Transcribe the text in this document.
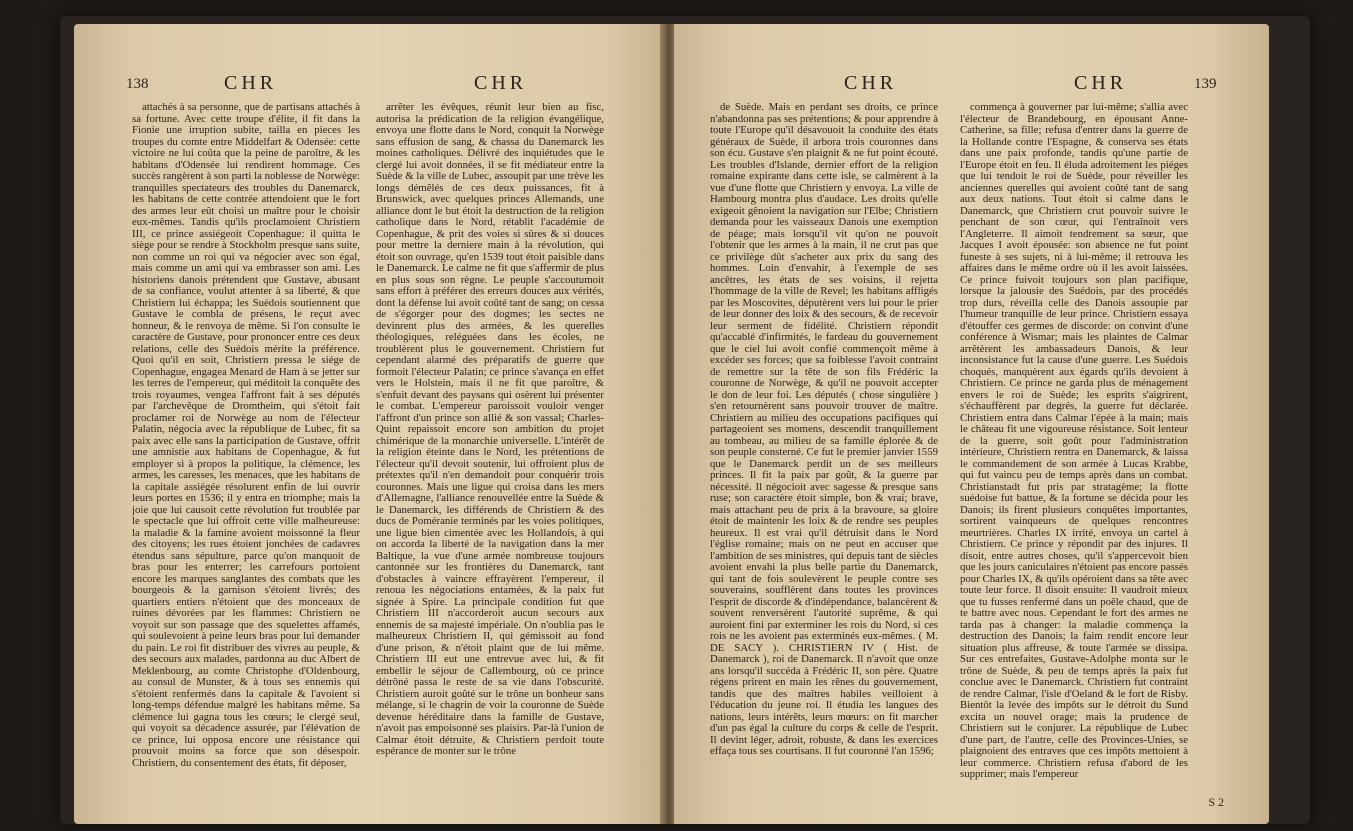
138	CHR	CHR

attachés à sa personne, que de partisans attachés à sa fortune. Avec cette troupe d'élite, il fit dans la Fionie une irruption subite, tailla en pieces les troupes du comte entre Middelfart & Odensée: cette victoire ne lui coûta que la peine de paroître, & les habitans d'Odensée lui rendirent hommage. Ces succès rangèrent à son parti la noblesse de Norwège: tranquilles spectateurs des troubles du Danemarck, les habitans de cette contrée attendoient que le fort des armes leur eût choisi un maître pour le choisir eux-mêmes. Tandis qu'ils proclamoient Christiern III, ce prince assiégeoit Copenhague: il quitta le siège pour se rendre à Stockholm presque sans suite, non comme un roi qui va négocier avec son égal, mais comme un ami qui va embrasser son ami. Les historiens danois prétendent que Gustave, abusant de sa confiance, voulut attenter à sa liberté, & que Christiern lui échappa; les Suédois soutiennent que Gustave le combla de présens, le reçut avec honneur, & le renvoya de même. Si l'on consulte le caractère de Gustave, pour prononcer entre ces deux relations, celle des Suédois mérite la préférence. Quoi qu'il en soit, Christiern pressa le siége de Copenhague, engagea Menard de Ham à se jetter sur les terres de l'empereur, qui méditoit la conquête des trois royaumes, vengea l'affront fait à ses députés par l'archevêque de Dromtheim, qui s'étoit fait proclamer roi de Norwège au nom de l'électeur Palatin, négocia avec la république de Lubec, fit sa paix avec elle sans la participation de Gustave, offrit une amnistie aux habitans de Copenhague, & fut employer si à propos la politique, la clémence, les armes, les caresses, les menaces, que les habitans de la capitale assiégée résolurent enfin de lui ouvrir leurs portes en 1536; il y entra en triomphe; mais la joie que lui causoit cette révolution fut troublée par le spectacle que lui offroit cette ville malheureuse: la maladie & la famine avoient moissonné la fleur des citoyens; les rues étoient jonchées de cadavres étendus sans sépulture, parce qu'on manquoit de bras pour les enterrer; les carrefours portoient encore les marques sanglantes des combats que les bourgeois & la garnison s'étoient livrés; des quartiers entiers n'étoient que des monceaux de ruines dévorées par les flammes: Christiern ne voyoit sur son passage que des squelettes affamés, qui soulevoient à peine leurs bras pour lui demander du pain. Le roi fit distribuer des vivres au peuple, & des secours aux malades, pardonna au duc Albert de Meklenbourg, au comte Christophe d'Oldenbourg, au consul de Munster, & à tous ses ennemis qui s'étoient renfermés dans la capitale & l'avoient si long-temps défendue malgré les habitans même. Sa clémence lui gagna tous les cœurs; le clergé seul, qui voyoit sa décadence assurée, par l'élévation de ce prince, lui opposa encore une résistance qui prouvoit moins sa force que son désespoir. Christiern, du consentement des états, fit déposer,

arrêter les évêques, réunit leur bien au fisc, autorisa la prédication de la religion évangélique, envoya une flotte dans le Nord, conquit la Norwège sans effusion de sang, & chassa du Danemarck les moines catholiques. Délivré des inquiétudes que le clergé lui avoit données, il se fit médiateur entre la Suède & la ville de Lubec, assoupit par une trève les longs démêlés de ces deux puissances, fit à Brunswick, avec quelques princes Allemands, une alliance dont le but étoit la destruction de la religion catholique dans le Nord, rétablit l'académie de Copenhague, & prit des voies si sûres & si douces pour mettre la derniere main à la révolution, qui étoit son ouvrage, qu'en 1539 tout étoit paisible dans le Danemarck. Le calme ne fit que s'affermir de plus en plus sous son règne. Le peuple s'accoutumoit sans effort à préférer des erreurs douces aux vérités, dont la défense lui avoit coûté tant de sang; on cessa de s'égorger pour des dogmes; les sectes ne devinrent plus des armées, & les querelles théologiques, reléguées dans les écoles, ne troublèrent plus le gouvernement. Christiern fut cependant alarmé des préparatifs de guerre que formoit l'électeur Palatin; ce prince s'avança en effet vers le Holstein, mais il ne fit que paroître, & s'enfuit devant des paysans qui osèrent lui présenter le combat. L'empereur paroissoit vouloir venger l'affront d'un prince son allié & son vassal; Charles-Quint repaissoit encore son ambition du projet chimérique de la monarchie universelle. L'intérêt de la religion éteinte dans le Nord, les prétentions de l'électeur qu'il devoit soutenir, lui offroient plus de prétextes qu'il n'en demandoit pour conquérir trois couronnes. Mais une ligue qui croisa dans les mers d'Allemagne, l'alliance renouvellée entre la Suède & le Danemarck, les différends de Christiern & des ducs de Poméranie terminés par les voies politiques, une ligue bien cimentée avec les Hollandois, à qui on accorda la liberté de la navigation dans la mer Baltique, la vue d'une armée nombreuse toujours cantonnée sur les frontières du Danemarck, tant d'obstacles à vaincre effrayèrent l'empereur, il renoua les négociations entamées, & la paix fut signée à Spire. La principale condition fut que Christiern III n'accorderoit aucun secours aux ennemis de sa majesté impériale. On n'oublia pas le malheureux Christiern II, qui gémissoit au fond d'une prison, & n'étoit plaint que de lui même. Christiern III eut une entrevue avec lui, & fit embellir le séjour de Callembourg, où ce prince détrôné passa le reste de sa vie dans l'obscurité. Christiern auroit goûté sur le trône un bonheur sans mélange, si le chagrin de voir la couronne de Suède devenue héréditaire dans la famille de Gustave, n'avoit pas empoisonné ses plaisirs. Par-là l'union de Calmar étoit détruite, & Christiern perdoit toute espérance de monter sur le trône

CHR	CHR	139

de Suède. Mais en perdant ses droits, ce prince n'abandonna pas ses prétentions; & pour apprendre à toute l'Europe qu'il désavouoit la conduite des états généraux de Suède, il arbora trois couronnes dans son écu. Gustave s'en plaignit & ne fut point écouté. Les troubles d'Islande, dernier effort de la religion romaine expirante dans cette isle, se calmèrent à la vue d'une flotte que Christiern y envoya. La ville de Hambourg montra plus d'audace. Les droits qu'elle exigeoit gênoient la navigation sur l'Elbe; Christiern demanda pour les vaisseaux Danois une exemption de péage; mais lorsqu'il vit qu'on ne pouvoit l'obtenir que les armes à la main, il ne crut pas que ce privilège dût s'acheter aux prix du sang des hommes. Loin d'envahir, à l'exemple de ses ancêtres, les états de ses voisins, il rejetta l'hommage de la ville de Revel; les habitans affligés par les Moscovites, députèrent vers lui pour le prier de leur donner des loix & des secours, & de recevoir leur serment de fidélité. Christiern répondit qu'accablé d'infirmités, le fardeau du gouvernement que le ciel lui avoit confié commençoit même à excéder ses forces; que sa foiblesse l'avoit contraint de remettre sur la tête de son fils Frédéric la couronne de Norwège, & qu'il ne pouvoit accepter le don de leur foi. Les députés ( chose singulière ) s'en retournèrent sans pouvoir trouver de maître. Christiern au milieu des occupations pacifiques qui partageoient ses momens, descendit tranquillement au tombeau, au milieu de sa famille éplorée & de son peuple consterné. Ce fut le premier janvier 1559 que le Danemarck perdit un de ses meilleurs princes. Il fit la paix par goût, & la guerre par nécessité. Il négocioit avec sagesse & presque sans ruse; son caractère étoit simple, bon & vrai; brave, mais attachant peu de prix à la bravoure, sa gloire étoit de maintenir les loix & de rendre ses peuples heureux. Il est vrai qu'il détruisit dans le Nord l'église romaine; mais on ne peut en accuser que l'ambition de ses ministres, qui depuis tant de siècles avoient envahi la plus belle partie du Danemarck, qui tant de fois soulevèrent le peuple contre ses souverains, soufflèrent dans toutes les provinces l'esprit de discorde & d'indépendance, balancèrent & souvent renversèrent l'autorité suprême, & qui auroient fini par exterminer les rois du Nord, si ces rois ne les avoient pas exterminés eux-mêmes. ( M. DE SACY ). CHRISTIERN IV ( Hist. de Danemarck ), roi de Danemarck. Il n'avoit que onze ans lorsqu'il succéda à Frédéric II, son père. Quatre régens prirent en main les rênes du gouvernement, tandis que des maîtres habiles veilloient à l'éducation du jeune roi. Il étudia les langues des nations, leurs intérêts, leurs mœurs: on fit marcher d'un pas égal la culture du corps & celle de l'esprit. Il devint léger, adroit, robuste, & dans les exercices effaça tous ses courtisans. Il fut couronné l'an 1596;

commença à gouverner par lui-même; s'allia avec l'électeur de Brandebourg, en épousant Anne-Catherine, sa fille; refusa d'entrer dans la guerre de la Hollande contre l'Espagne, & conserva ses états dans une paix profonde, tandis qu'une partie de l'Europe étoit en feu. Il éluda adroitement les piéges que lui tendoit le roi de Suède, pour réveiller les anciennes querelles qui avoient coûté tant de sang aux deux nations. Tout étoit si calme dans le Danemarck, que Christiern crut pouvoir suivre le penchant de son cœur, qui l'entraînoit vers l'Angleterre. Il aimoit tendrement sa sœur, que Jacques I avoit épousée: son absence ne fut point funeste à ses sujets, ni à lui-même; il retrouva les affaires dans le même ordre où il les avoit laissées. Ce prince fuivoit toujours son plan pacifique, lorsque la jalousie des Suédois, par des procédés trop durs, réveilla celle des Danois assoupie par l'humeur tranquille de leur prince. Christiern essaya d'étouffer ces germes de discorde: on convint d'une conférence à Wismar; mais les plaintes de Calmar arrêtèrent les ambassadeurs Danois, & leur inconsistance fut la cause d'une guerre. Les Suédois choqués, manquèrent aux égards qu'ils devoient à Christiern. Ce prince ne garda plus de ménagement envers le roi de Suède; les esprits s'aigrirent, s'échauffèrent par degrés, la guerre fut déclarée. Christiern entra dans Calmar l'épée à la main; mais le château fit une vigoureuse résistance. Soit lenteur de la guerre, soit goût pour l'administration intérieure, Christiern rentra en Danemarck, & laissa le commandement de son armée à Lucas Krabbe, qui fut vaincu peu de temps après dans un combat. Christianstadt fut pris par stratagème; la flotte suédoise fut battue, & la fortune se décida pour les Danois; ils firent plusieurs conquêtes importantes, sortirent vainqueurs de quelques rencontres meurtrières. Charles IX irrité, envoya un cartel à Christiern. Ce prince y répondit par des injures. Il disoit, entre autres choses, qu'il s'appercevoit bien que les jours caniculaires n'étoient pas encore passés pour Charles IX, & qu'ils opéroient dans sa tête avec toute leur force. Il disoit ensuite: Il vaudroit mieux que tu fusses renfermé dans un poêle chaud, que de te battre avec nous. Cependant le fort des armes ne tarda pas à changer: la maladie commença la destruction des Danois; la faim rendit encore leur situation plus affreuse, & toute l'armée se dissipa. Sur ces entrefaites, Gustave-Adolphe monta sur le trône de Suède, & peu de temps après la paix fut conclue avec le Danemarck. Christiern fut contraint de rendre Calmar, l'isle d'Oeland & le fort de Risby. Bientôt la levée des impôts sur le détroit du Sund excita un nouvel orage; mais la prudence de Christiern sut le conjurer. La république de Lubec d'une part, de l'autre, celle des Provinces-Unies, se plaignoient des entraves que ces impôts mettoient à leur commerce. Christiern refusa d'abord de les supprimer; mais l'empereur

S 2
